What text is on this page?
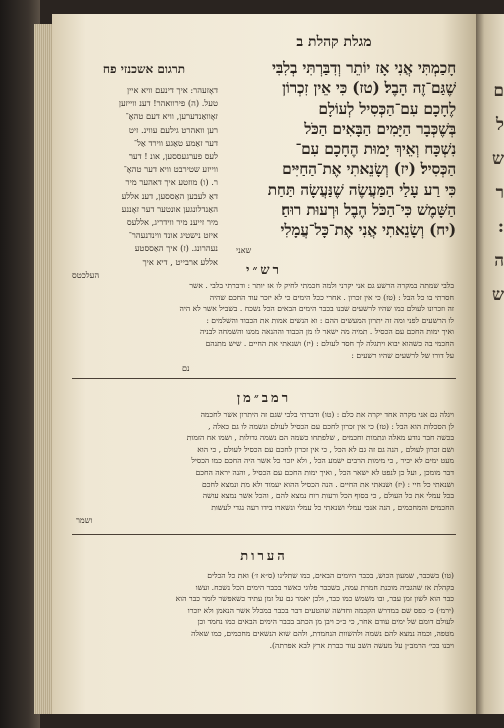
מגלת קהלת ב
תרגום אשכנזי פח	חָכַמְתִּי אֲנִי אָז יוֹתֵר וְדִבַּרְתִּי בְלִבִּי
שֶׁגַּם־זֶה הָבֶל׃ (טז) כִּי אֵין זִכְרוֹן
לֶחָכָם עִם־הַכְּסִיל לְעוֹלָם
בְּשֶׁכְּבָר הַיָּמִים הַבָּאִים הַכֹּל
נִשְׁכָּח וְאֵיךְ יָמוּת הֶחָכָם עִם־
הַכְּסִיל׃ (יז) וְשָׂנֵאתִי אֶת־הַחַיִּים
כִּי רַע עָלַי הַמַּעֲשֶׂה שֶׁנַּעֲשָׂה תַּחַת
הַשָּׁמֶשׁ כִּי־הַכֹּל הֶבֶל וּרְעוּת רוּחַ׃
(יח) וְשָׂנֵאתִי אֲנִי אֶת־כָּל־עֲמָלִי
שאני
דאָזעהר: איך דינעם וויא איין
טעל. (ה) פירוואהר! דענ ווייזען
זאָוואַנדערען, וויא דעם טהאָ־
רען וואהרט גילעם עווינ. זיט
דער זאַמע טאַגע ווירד אַל־
לעס פערגעססען, אונ ! דער
ווייזע שטירבט וויא דער טהאָ־
ר. (ו) מוזטע איך דאהער מיר
דאַ לעבען האַססען, דענ אללע
האַנדלונגען אונטער דער זאָננע
מיר זייענ מיר ווידריג, אללעס
איזט נישטיג אונד ווינדנעהר־
נעהרונג. (ז) איך האַססטע
אללע ארבייט , דיא איך
העלכטס	רש״י
בלבי שמתה במקרה הרשע גם אני יקרני ולמה חכמתי לחיק לו אז יותר : ודברתי בלבי . אשר
חסרתי בו כל הבל : (טז) כי אין זכרון . אחרי ככל הימים כי לא יזכר עוד החכם שהיה
זה וזכרונו לעולם כמו שהיו לרשעים שבנו בכבר הימים הבאים הכל נשכח . בשביל אשר לא היה
לו הרשעים לפני ומה זה יתרון המעשים ההם : וא הנשים אמות את הכבוד והשלמים :
ואיך ימות החכם עם הכסיל . תמיה מה ישאר לו מן הכבוד וההנאה ממנו והשמחה לבניה
החכמי בה כשהוא יבוא ויתגלה לך חסד לעולם : (יז) ושנאתי את החיים . שיש מתנהם
על דורו של לרשעים שהיו רשעים :
נם
רמב״מן
ויגלה גם אני מקרה אחד יקרה את כלם : (טו) ודברתי בלבי שגם זה היתרון אשר לחכמה
לן הסכלות הוא הבל : (טז) כי אין זכרון לחכם עם הכסיל לעולם ונשמה לו גם כאלה ,
בכשה חבר נודע מאלה ונתמות וחכמים , שלפתחו כשמה הם נשמה גדולות , ושמו אח הזמות
ושם זכרון לעולם , הנה גם זה גם לא הכל , כי אין זכרון לחכם עם הכסיל לעולם , כי הוא
מעט ימים לא יכיר , כי מימות הרבים ישמע הכל , ולא יזכר כל אשר היה החכם כמו הכסיל
דבר מומכן , ועל כן לנפט לא ישאר הכל , ואיך ימות החכם עם הכסיל , והנה יראה החכם
ושנאתי כל חיי : (יז) ושנאתי את החיים . הנה הכסיל ההוא יעמוד ולא מת ונמצא לחכם
בכל עמלי את כל העולם , כי בסוף הכל ורעות רוח נמצא להם , והכל אשר נמצא עושה
החכמים והמחכמים , הנה אנכי עמלי ושנאתי כל עמלי ונשארו בידו רעה נגדי לעשות
ושמר
הערות
(טו) בשכבר, שמעון הכוש, בכבר היומים הבאים, כמו שתלינו (ס״א ז׳) ואת כל הכלים
בקהלת אז שהגביה מוכנת חמרת עמה, בשכבר פלוגי כאשר בכבר הימים הכל נשכח. ועשו
כבר הוא לשון זמן עבר, ובו משמש כמו כבר, ולכן יאמר גם על זמן עתיד כשאפשר לומר כבר הוא
(ירמ׳) כ׳ כפס שם במדרש הקכמה וחדשה שהטעים דבר בכבר במכלל אשר הנאמן ולא יזכרו
לעולם דומם של ימים עודם אחר, כי כ״כ ויבן מן הכתב בכבר הימים הבאים כמו נחמד וכן
מטפה, וכמה נמצא להם נשמה ולהשוות הנחמדת, ולהם שוא הנשאים מחכמים, כמו שאלה
ויבנו בכי׳ הרמב״ן על מעשה השב עוד כברת ארץ לבא אפרתה).
ם
ל
ש
ר
:
ה
ש
